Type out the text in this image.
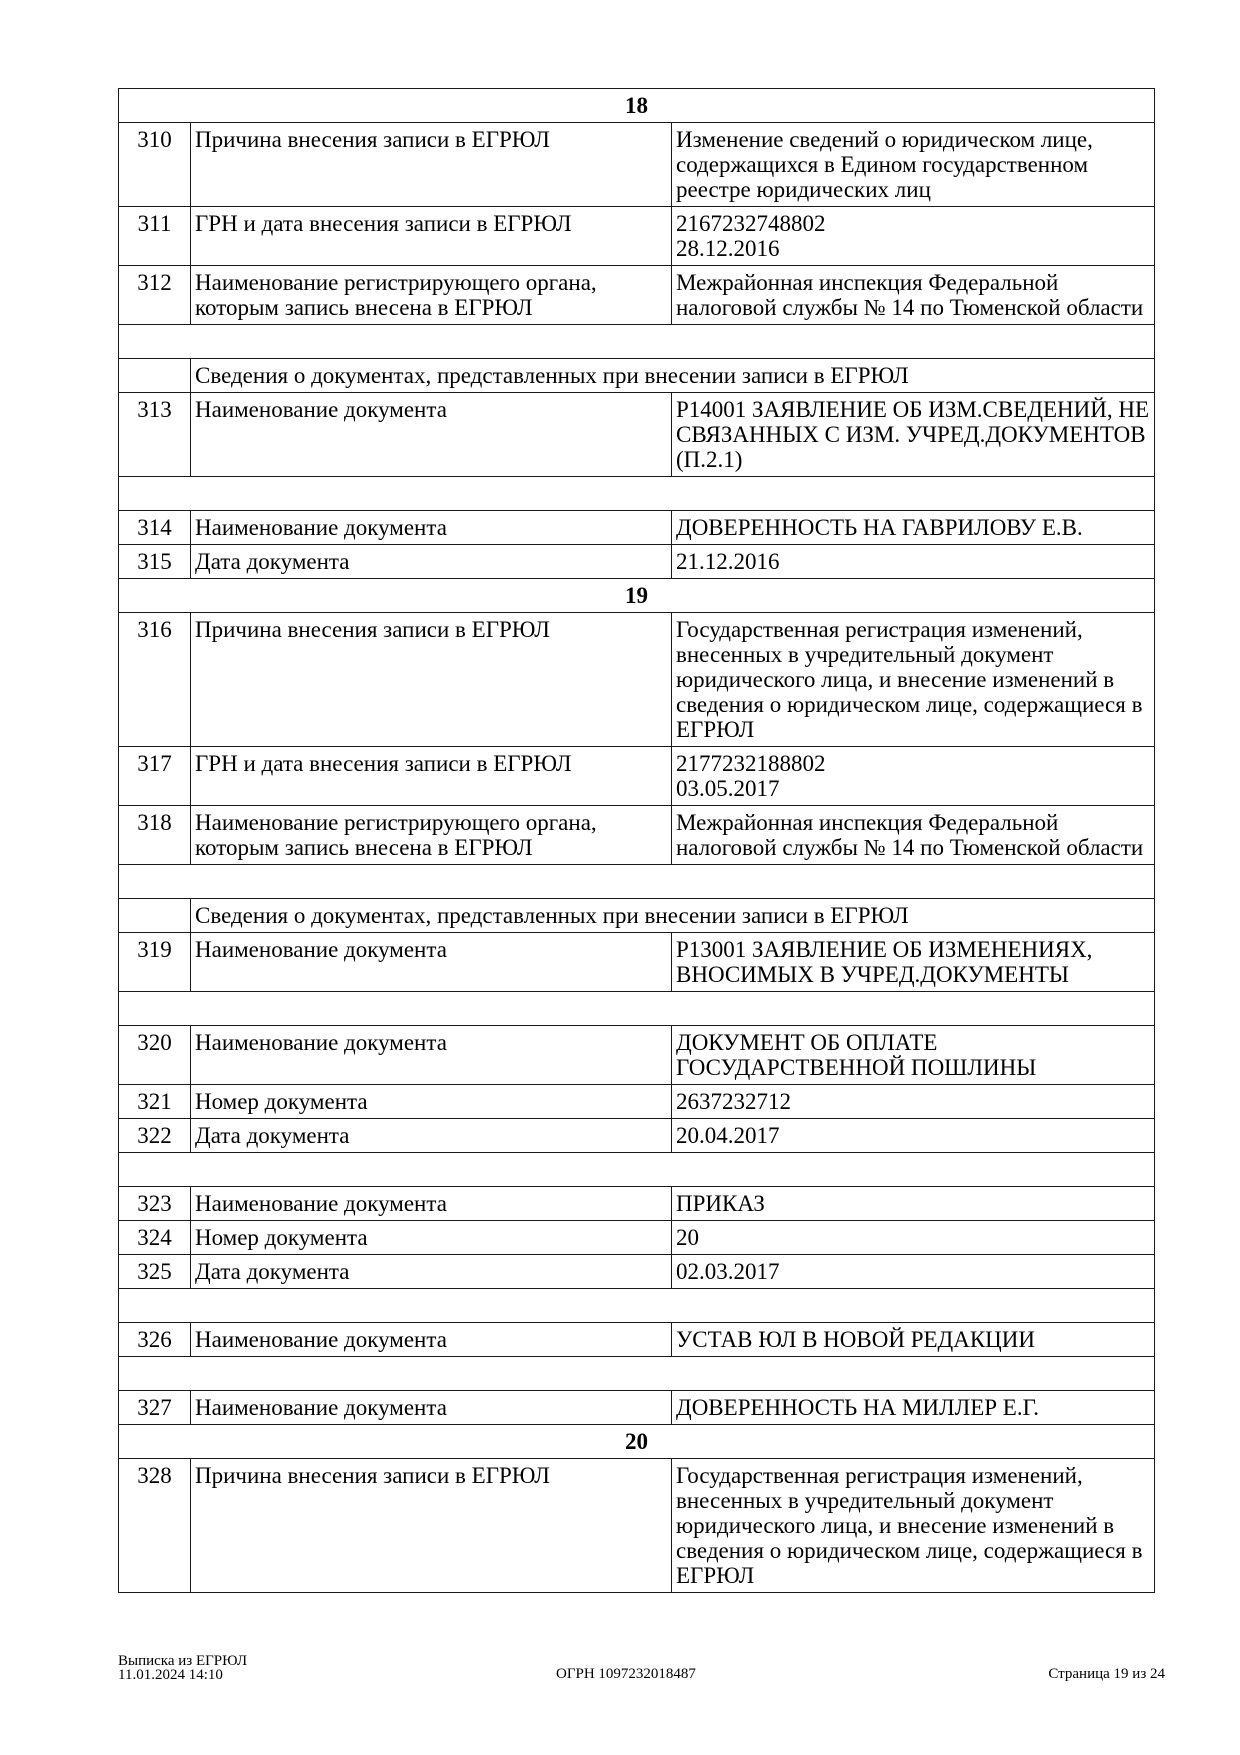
18		
310	Причина внесения записи в ЕГРЮЛ	Изменение сведений о юридическом лице, содержащихся в Едином государственном реестре юридических лиц

311	ГРН и дата внесения записи в ЕГРЮЛ	2167232748802
28.12.2016

312	Наименование регистрирующего органа, которым запись внесена в ЕГРЮЛ	Межрайонная инспекция Федеральной налоговой службы № 14 по Тюменской области

	Сведения о документах, представленных при внесении записи в ЕГРЮЛ	
313	Наименование документа	Р14001 ЗАЯВЛЕНИЕ ОБ ИЗМ.СВЕДЕНИЙ, НЕ СВЯЗАННЫХ С ИЗМ. УЧРЕД.ДОКУМЕНТОВ (П.2.1)

314	Наименование документа	ДОВЕРЕННОСТЬ НА ГАВРИЛОВУ Е.В.

315	Дата документа	21.12.2016

19		
316	Причина внесения записи в ЕГРЮЛ	Государственная регистрация изменений, внесенных в учредительный документ юридического лица, и внесение изменений в сведения о юридическом лице, содержащиеся в ЕГРЮЛ

317	ГРН и дата внесения записи в ЕГРЮЛ	2177232188802
03.05.2017

318	Наименование регистрирующего органа, которым запись внесена в ЕГРЮЛ	Межрайонная инспекция Федеральной налоговой службы № 14 по Тюменской области

	Сведения о документах, представленных при внесении записи в ЕГРЮЛ	
319	Наименование документа	Р13001 ЗАЯВЛЕНИЕ ОБ ИЗМЕНЕНИЯХ, ВНОСИМЫХ В УЧРЕД.ДОКУМЕНТЫ

320	Наименование документа	ДОКУМЕНТ ОБ ОПЛАТЕ ГОСУДАРСТВЕННОЙ ПОШЛИНЫ

321	Номер документа	2637232712

322	Дата документа	20.04.2017

323	Наименование документа	ПРИКАЗ

324	Номер документа	20

325	Дата документа	02.03.2017

326	Наименование документа	УСТАВ ЮЛ В НОВОЙ РЕДАКЦИИ

327	Наименование документа	ДОВЕРЕННОСТЬ НА МИЛЛЕР Е.Г.

20		
328	Причина внесения записи в ЕГРЮЛ	Государственная регистрация изменений, внесенных в учредительный документ юридического лица, и внесение изменений в сведения о юридическом лице, содержащиеся в ЕГРЮЛ
Выписка из ЕГРЮЛ
11.01.2024 14:10	ОГРН 1097232018487	Страница 19 из 24
